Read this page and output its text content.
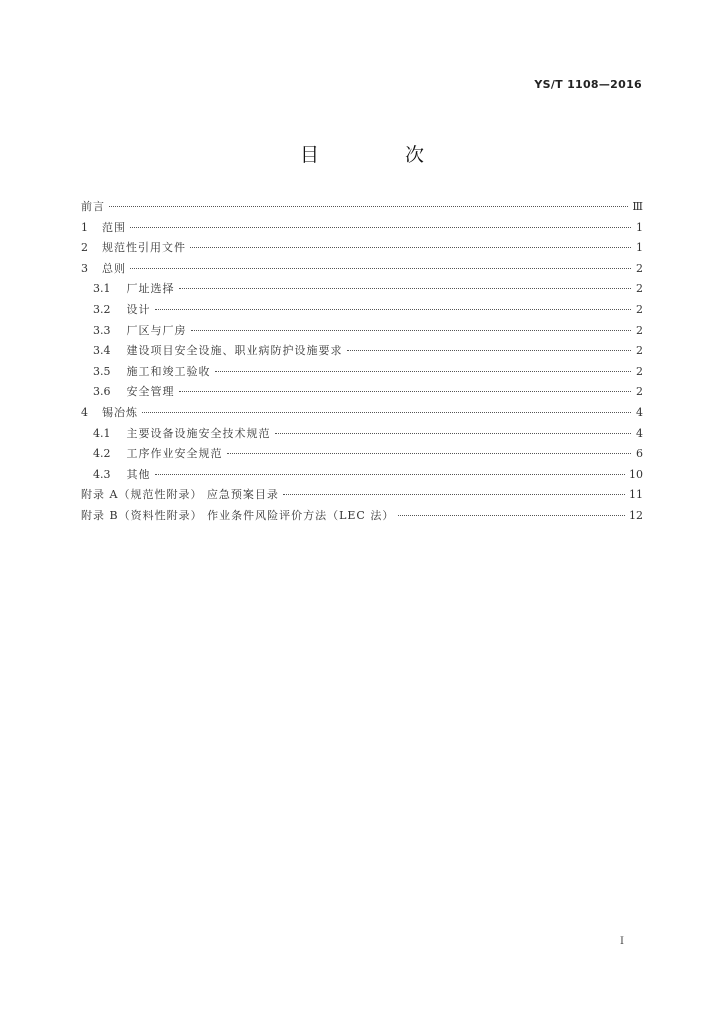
YS/T 1108—2016
目 次
前言	Ⅲ
1 范围	1
2 规范性引用文件	1
3 总则	2
3.1 厂址选择	2
3.2 设计	2
3.3 厂区与厂房	2
3.4 建设项目安全设施、职业病防护设施要求	2
3.5 施工和竣工验收	2
3.6 安全管理	2
4 锡冶炼	4
4.1 主要设备设施安全技术规范	4
4.2 工序作业安全规范	6
4.3 其他	10
附录 A（规范性附录） 应急预案目录	11
附录 B（资料性附录） 作业条件风险评价方法（LEC 法）	12
Ⅰ
